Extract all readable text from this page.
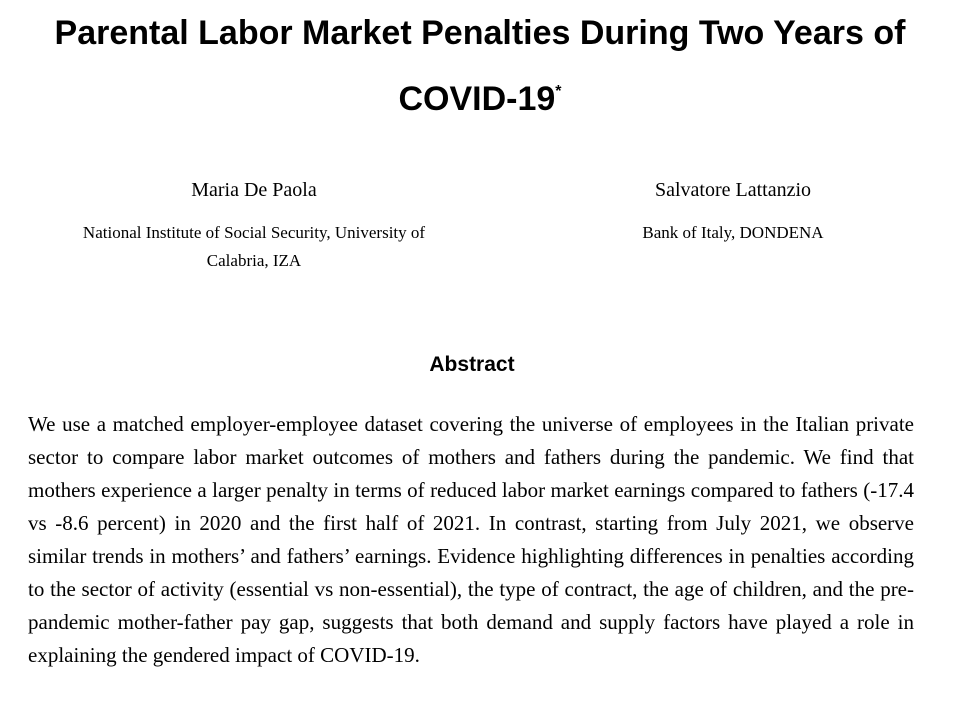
Parental Labor Market Penalties During Two Years of
COVID-19*
Maria De Paola
National Institute of Social Security, University of
Calabria, IZA
Salvatore Lattanzio
Bank of Italy, DONDENA
Abstract

We use a matched employer-employee dataset covering the universe of employees in the Italian private sector to compare labor market outcomes of mothers and fathers during the pandemic. We find that mothers experience a larger penalty in terms of reduced labor market earnings compared to fathers (-17.4 vs -8.6 percent) in 2020 and the first half of 2021. In contrast, starting from July 2021, we observe similar trends in mothers’ and fathers’ earnings. Evidence highlighting differences in penalties according to the sector of activity (essential vs non-essential), the type of contract, the age of children, and the pre-pandemic mother-father pay gap, suggests that both demand and supply factors have played a role in explaining the gendered impact of COVID-19.
